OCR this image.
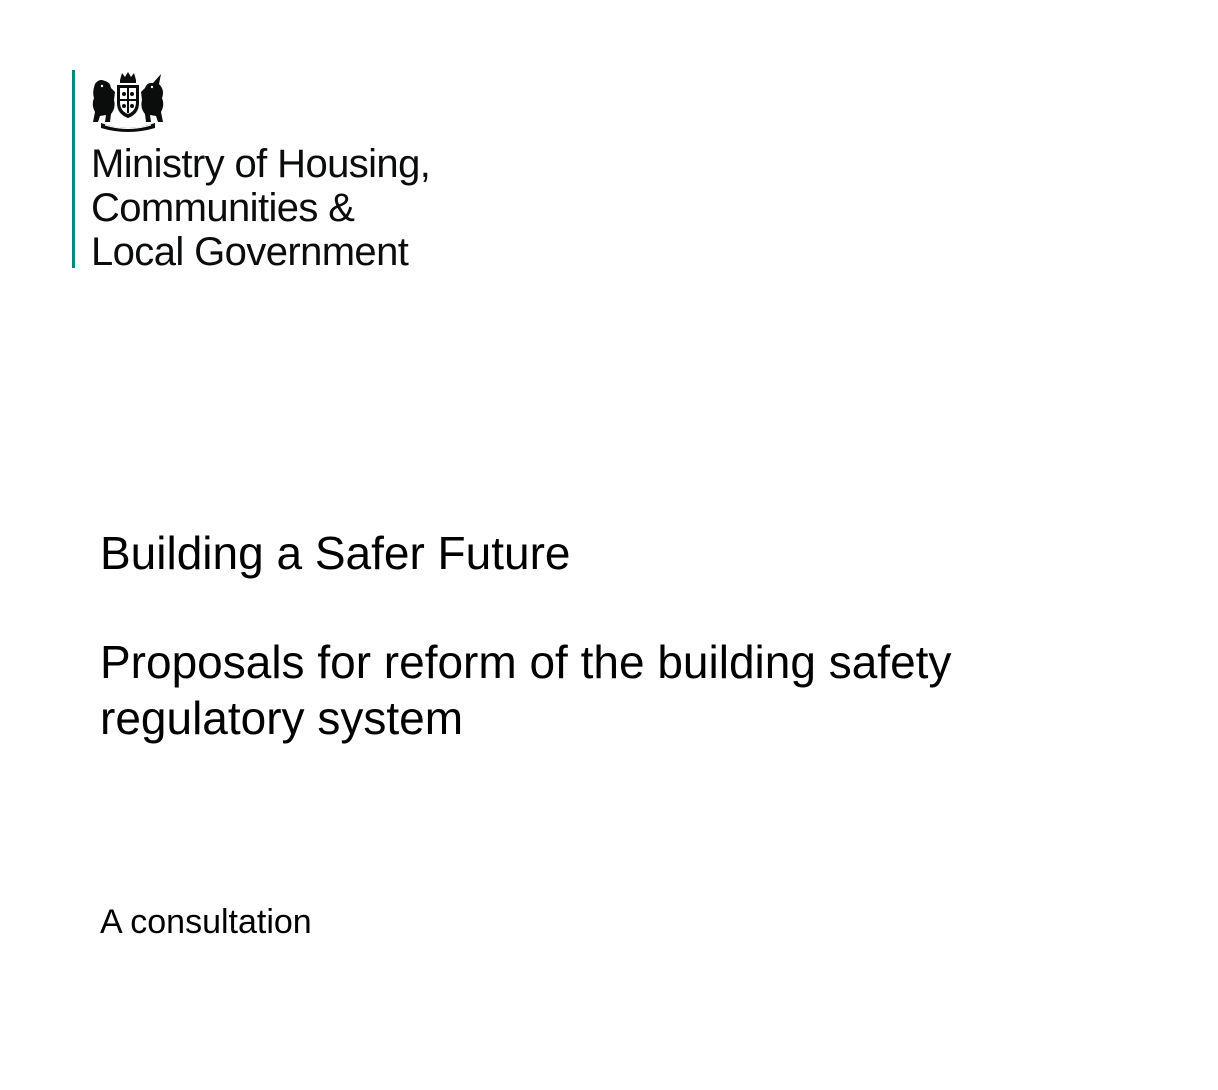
Ministry of Housing,
Communities &
Local Government
Building a Safer Future
Proposals for reform of the building safety regulatory system

A consultation
